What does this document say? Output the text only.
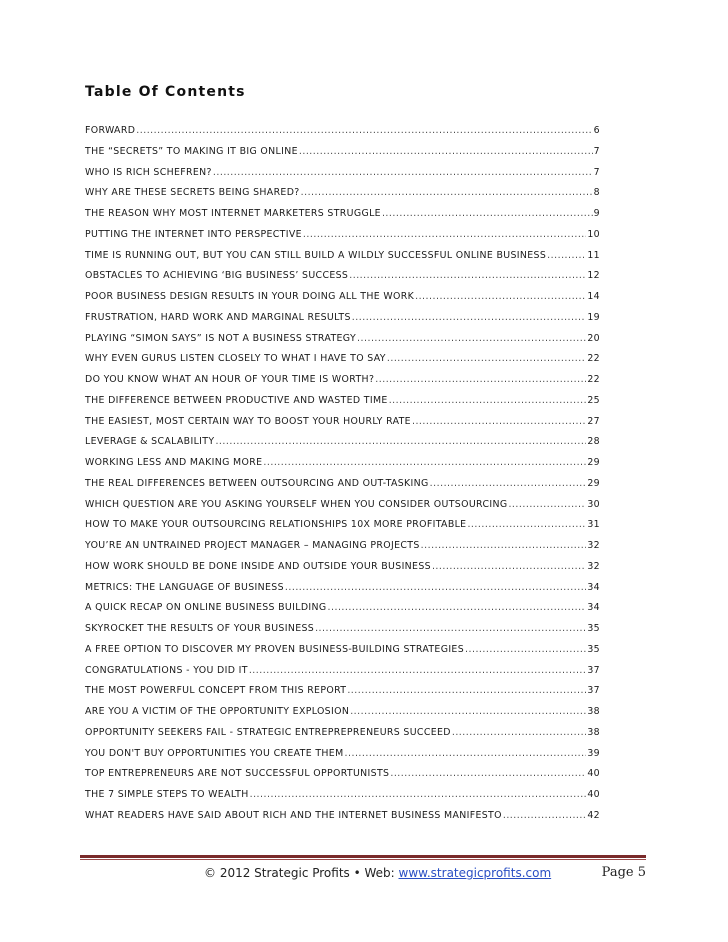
Table Of Contents
FORWARD .....	6
THE “SECRETS” TO MAKING IT BIG ONLINE .....	7
WHO IS RICH SCHEFREN? .....	7
WHY ARE THESE SECRETS BEING SHARED? .....	8
THE REASON WHY MOST INTERNET MARKETERS STRUGGLE .....	9
PUTTING THE INTERNET INTO PERSPECTIVE .....	10
TIME IS RUNNING OUT, BUT YOU CAN STILL BUILD A WILDLY SUCCESSFUL ONLINE BUSINESS .....	11
OBSTACLES TO ACHIEVING ‘BIG BUSINESS’ SUCCESS .....	12
POOR BUSINESS DESIGN RESULTS IN YOUR DOING ALL THE WORK .....	14
FRUSTRATION, HARD WORK AND MARGINAL RESULTS .....	19
PLAYING “SIMON SAYS” IS NOT A BUSINESS STRATEGY .....	20
WHY EVEN GURUS LISTEN CLOSELY TO WHAT I HAVE TO SAY .....	22
DO YOU KNOW WHAT AN HOUR OF YOUR TIME IS WORTH? .....	22
THE DIFFERENCE BETWEEN PRODUCTIVE AND WASTED TIME .....	25
THE EASIEST, MOST CERTAIN WAY TO BOOST YOUR HOURLY RATE .....	27
LEVERAGE & SCALABILITY .....	28
WORKING LESS AND MAKING MORE .....	29
THE REAL DIFFERENCES BETWEEN OUTSOURCING AND OUT-TASKING .....	29
WHICH QUESTION ARE YOU ASKING YOURSELF WHEN YOU CONSIDER OUTSOURCING .....	30
HOW TO MAKE YOUR OUTSOURCING RELATIONSHIPS 10X MORE PROFITABLE .....	31
YOU’RE AN UNTRAINED PROJECT MANAGER – MANAGING PROJECTS .....	32
HOW WORK SHOULD BE DONE INSIDE AND OUTSIDE YOUR BUSINESS .....	32
METRICS: THE LANGUAGE OF BUSINESS .....	34
A QUICK RECAP ON ONLINE BUSINESS BUILDING .....	34
SKYROCKET THE RESULTS OF YOUR BUSINESS .....	35
A FREE OPTION TO DISCOVER MY PROVEN BUSINESS-BUILDING STRATEGIES .....	35
CONGRATULATIONS - YOU DID IT .....	37
THE MOST POWERFUL CONCEPT FROM THIS REPORT .....	37
ARE YOU A VICTIM OF THE OPPORTUNITY EXPLOSION .....	38
OPPORTUNITY SEEKERS FAIL - STRATEGIC ENTREPREPRENEURS SUCCEED .....	38
YOU DON'T BUY OPPORTUNITIES YOU CREATE THEM .....	39
TOP ENTREPRENEURS ARE NOT SUCCESSFUL OPPORTUNISTS .....	40
THE 7 SIMPLE STEPS TO WEALTH .....	40
WHAT READERS HAVE SAID ABOUT RICH AND THE INTERNET BUSINESS MANIFESTO .....	42
© 2012 Strategic Profits • Web: www.strategicprofits.com	Page 5
